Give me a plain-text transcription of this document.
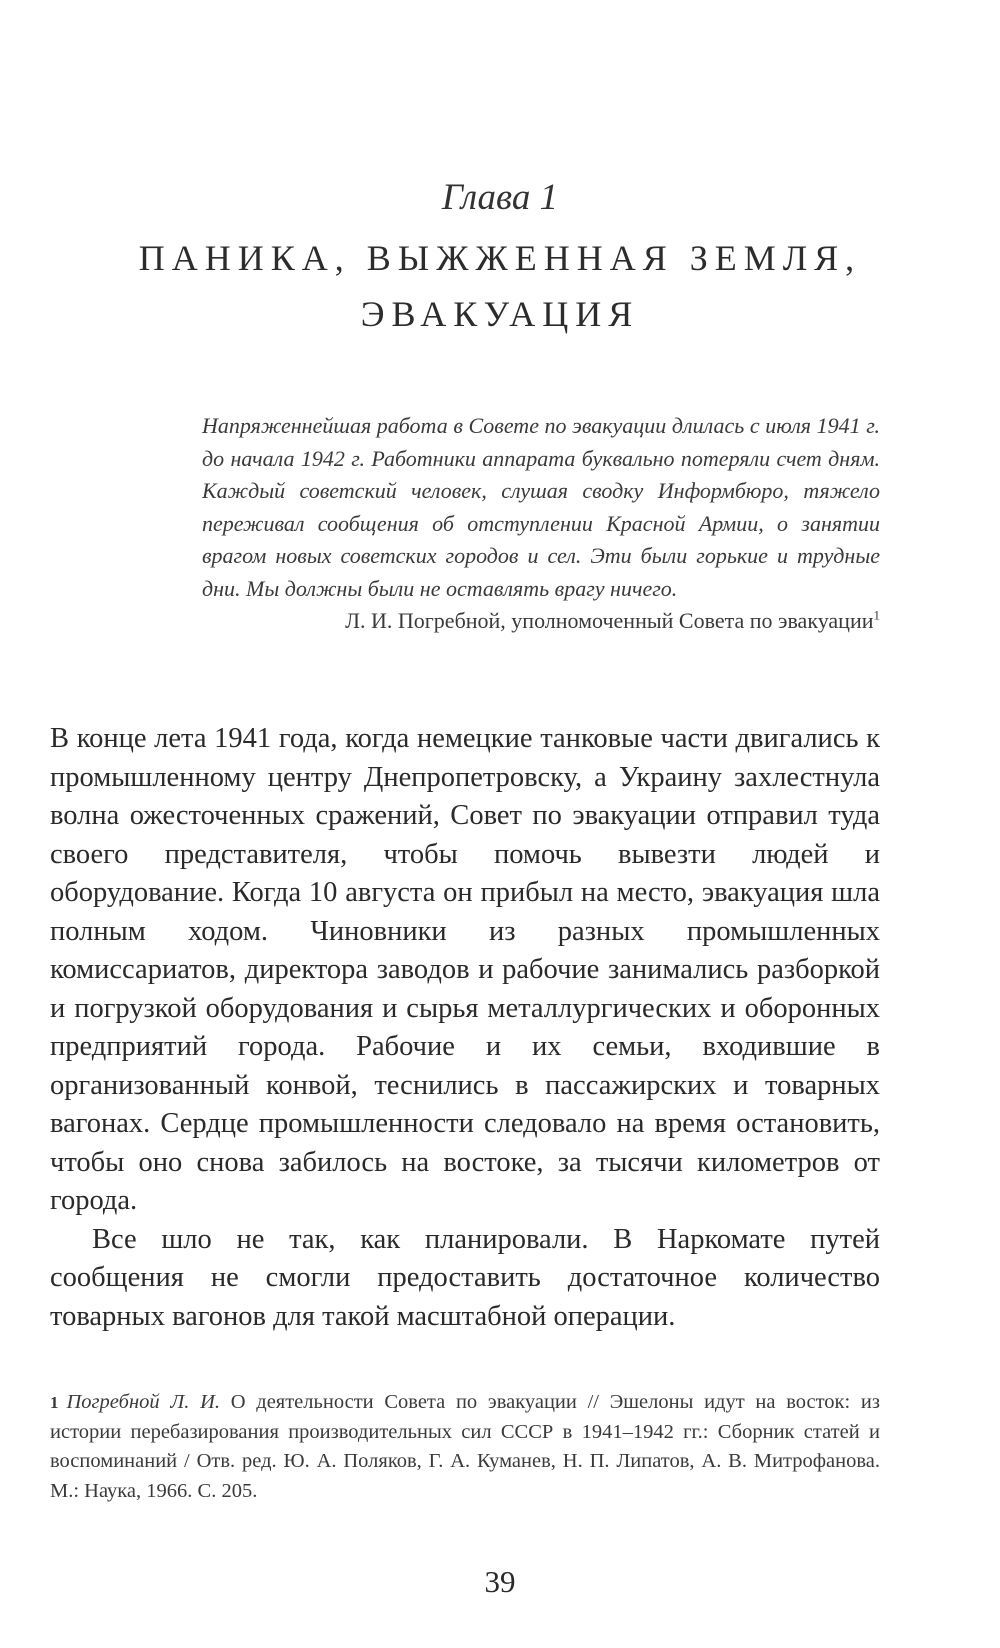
Глава 1

ПАНИКА, ВЫЖЖЕННАЯ ЗЕМЛЯ,
ЭВАКУАЦИЯ

Напряженнейшая работа в Совете по эвакуации длилась с июля 1941 г. до начала 1942 г. Работники аппарата буквально потеряли счет дням. Каждый советский человек, слушая сводку Информбюро, тяжело переживал сообщения об отступлении Красной Армии, о занятии врагом новых советских городов и сел. Эти были горькие и трудные дни. Мы должны были не оставлять врагу ничего.

Л. И. Погребной, уполномоченный Совета по эвакуации$^1$

В конце лета 1941 года, когда немецкие танковые части двигались к промышленному центру Днепропетровску, а Украину захлестнула волна ожесточенных сражений, Совет по эвакуации отправил туда своего представителя, чтобы помочь вывезти людей и оборудование. Когда 10 августа он прибыл на место, эвакуация шла полным ходом. Чиновники из разных промышленных комиссариатов, директора заводов и рабочие занимались разборкой и погрузкой оборудования и сырья металлургических и оборонных предприятий города. Рабочие и их семьи, входившие в организованный конвой, теснились в пассажирских и товарных вагонах. Сердце промышленности следовало на время остановить, чтобы оно снова забилось на востоке, за тысячи километров от города.

Все шло не так, как планировали. В Наркомате путей сообщения не смогли предоставить достаточное количество товарных вагонов для такой масштабной операции.

1 Погребной Л. И. О деятельности Совета по эвакуации // Эшелоны идут на восток: из истории перебазирования производительных сил СССР в 1941–1942 гг.: Сборник статей и воспоминаний / Отв. ред. Ю. А. Поляков, Г. А. Куманев, Н. П. Липатов, А. В. Митрофанова. М.: Наука, 1966. С. 205.

39
